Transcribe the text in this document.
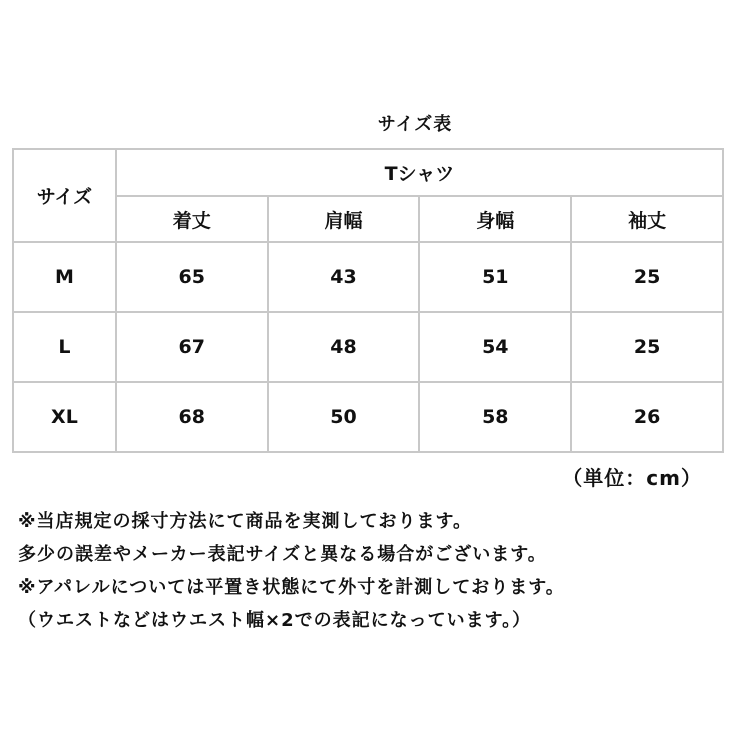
サイズ表
サイズ	Tシャツ			
	着丈	肩幅	身幅	袖丈
M	65	43	51	25
L	67	48	54	25
XL	68	50	58	26
（単位：cm）

※当店規定の採寸方法にて商品を実測しております。

多少の誤差やメーカー表記サイズと異なる場合がございます。

※アパレルについては平置き状態にて外寸を計測しております。

（ウエストなどはウエスト幅×2での表記になっています。）
